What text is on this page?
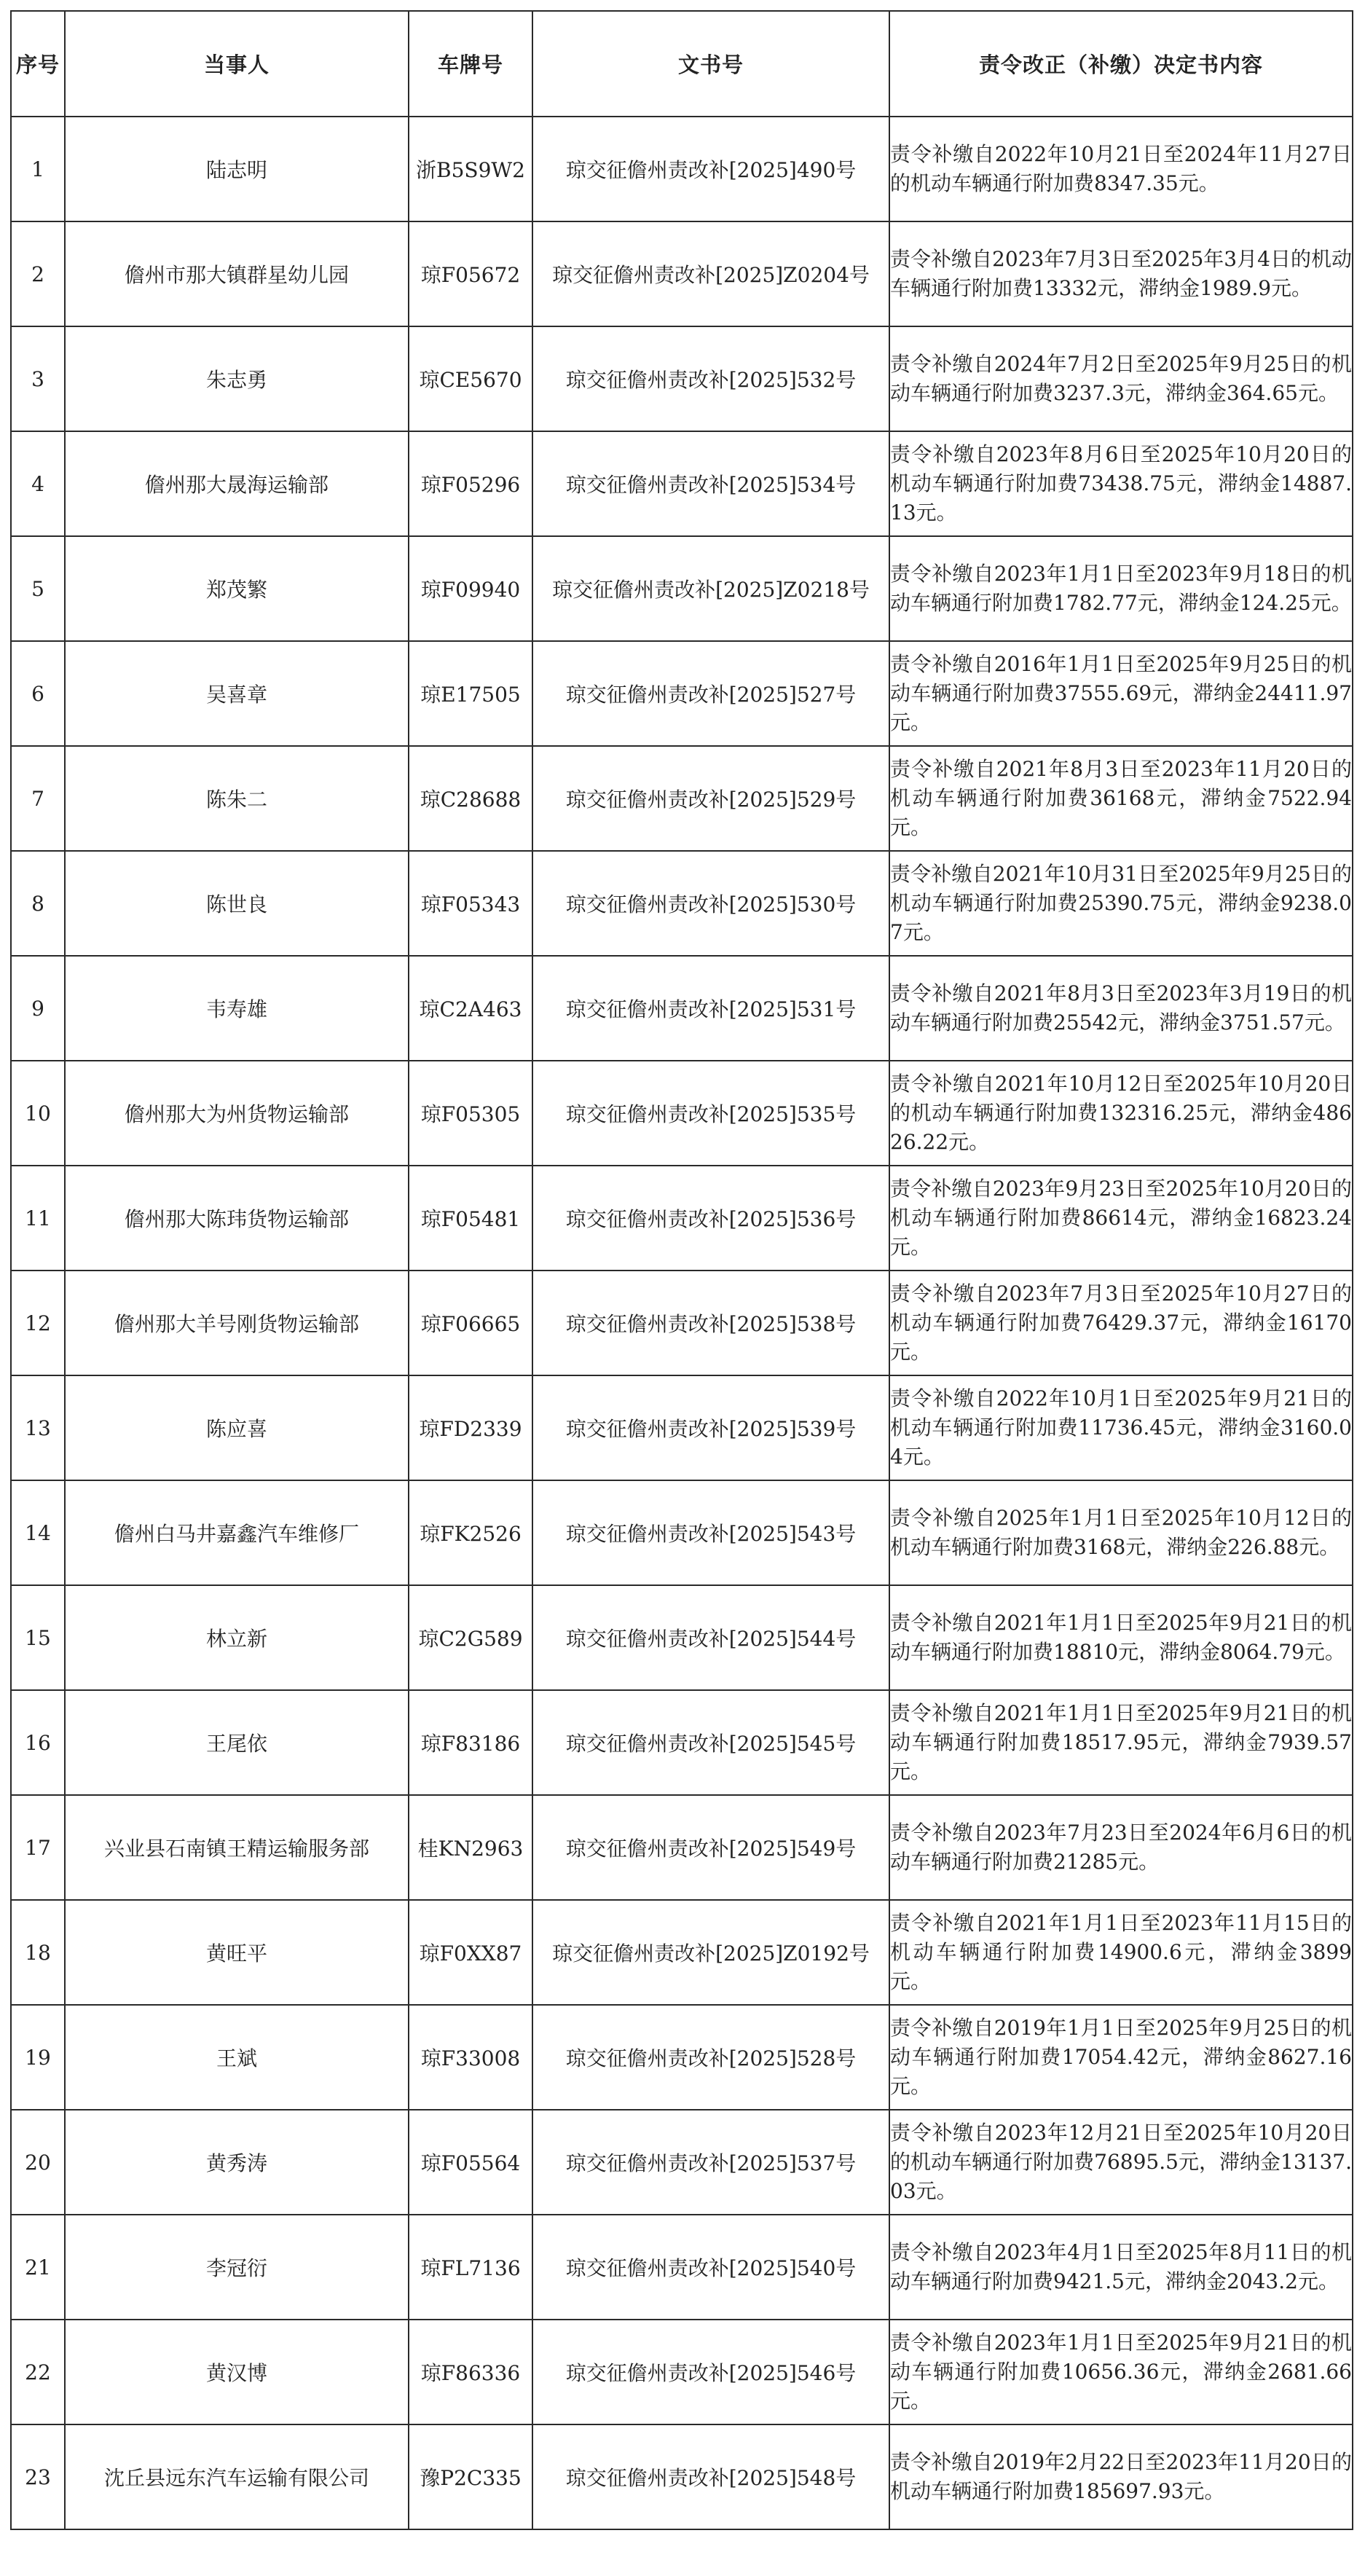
序号	当事人	车牌号	文书号	责令改正（补缴）决定书内容
1	陆志明	浙B5S9W2	琼交征儋州责改补[2025]490号	责令补缴自2022年10月21日至2024年11月27日的机动车辆通行附加费8347.35元。
2	儋州市那大镇群星幼儿园	琼F05672	琼交征儋州责改补[2025]Z0204号	责令补缴自2023年7月3日至2025年3月4日的机动车辆通行附加费13332元，滞纳金1989.9元。
3	朱志勇	琼CE5670	琼交征儋州责改补[2025]532号	责令补缴自2024年7月2日至2025年9月25日的机动车辆通行附加费3237.3元，滞纳金364.65元。
4	儋州那大晟海运输部	琼F05296	琼交征儋州责改补[2025]534号	责令补缴自2023年8月6日至2025年10月20日的机动车辆通行附加费73438.75元，滞纳金14887.13元。
5	郑茂繁	琼F09940	琼交征儋州责改补[2025]Z0218号	责令补缴自2023年1月1日至2023年9月18日的机动车辆通行附加费1782.77元，滞纳金124.25元。
6	吴喜章	琼E17505	琼交征儋州责改补[2025]527号	责令补缴自2016年1月1日至2025年9月25日的机动车辆通行附加费37555.69元，滞纳金24411.97元。
7	陈朱二	琼C28688	琼交征儋州责改补[2025]529号	责令补缴自2021年8月3日至2023年11月20日的机动车辆通行附加费36168元，滞纳金7522.94元。
8	陈世良	琼F05343	琼交征儋州责改补[2025]530号	责令补缴自2021年10月31日至2025年9月25日的机动车辆通行附加费25390.75元，滞纳金9238.07元。
9	韦寿雄	琼C2A463	琼交征儋州责改补[2025]531号	责令补缴自2021年8月3日至2023年3月19日的机动车辆通行附加费25542元，滞纳金3751.57元。
10	儋州那大为州货物运输部	琼F05305	琼交征儋州责改补[2025]535号	责令补缴自2021年10月12日至2025年10月20日的机动车辆通行附加费132316.25元，滞纳金48626.22元。
11	儋州那大陈玮货物运输部	琼F05481	琼交征儋州责改补[2025]536号	责令补缴自2023年9月23日至2025年10月20日的机动车辆通行附加费86614元，滞纳金16823.24元。
12	儋州那大羊号刚货物运输部	琼F06665	琼交征儋州责改补[2025]538号	责令补缴自2023年7月3日至2025年10月27日的机动车辆通行附加费76429.37元，滞纳金16170元。
13	陈应喜	琼FD2339	琼交征儋州责改补[2025]539号	责令补缴自2022年10月1日至2025年9月21日的机动车辆通行附加费11736.45元，滞纳金3160.04元。
14	儋州白马井嘉鑫汽车维修厂	琼FK2526	琼交征儋州责改补[2025]543号	责令补缴自2025年1月1日至2025年10月12日的机动车辆通行附加费3168元，滞纳金226.88元。
15	林立新	琼C2G589	琼交征儋州责改补[2025]544号	责令补缴自2021年1月1日至2025年9月21日的机动车辆通行附加费18810元，滞纳金8064.79元。
16	王尾依	琼F83186	琼交征儋州责改补[2025]545号	责令补缴自2021年1月1日至2025年9月21日的机动车辆通行附加费18517.95元，滞纳金7939.57元。
17	兴业县石南镇王精运输服务部	桂KN2963	琼交征儋州责改补[2025]549号	责令补缴自2023年7月23日至2024年6月6日的机动车辆通行附加费21285元。
18	黄旺平	琼F0XX87	琼交征儋州责改补[2025]Z0192号	责令补缴自2021年1月1日至2023年11月15日的机动车辆通行附加费14900.6元，滞纳金3899元。
19	王斌	琼F33008	琼交征儋州责改补[2025]528号	责令补缴自2019年1月1日至2025年9月25日的机动车辆通行附加费17054.42元，滞纳金8627.16元。
20	黄秀涛	琼F05564	琼交征儋州责改补[2025]537号	责令补缴自2023年12月21日至2025年10月20日的机动车辆通行附加费76895.5元，滞纳金13137.03元。
21	李冠衍	琼FL7136	琼交征儋州责改补[2025]540号	责令补缴自2023年4月1日至2025年8月11日的机动车辆通行附加费9421.5元，滞纳金2043.2元。
22	黄汉博	琼F86336	琼交征儋州责改补[2025]546号	责令补缴自2023年1月1日至2025年9月21日的机动车辆通行附加费10656.36元，滞纳金2681.66元。
23	沈丘县远东汽车运输有限公司	豫P2C335	琼交征儋州责改补[2025]548号	责令补缴自2019年2月22日至2023年11月20日的机动车辆通行附加费185697.93元。
